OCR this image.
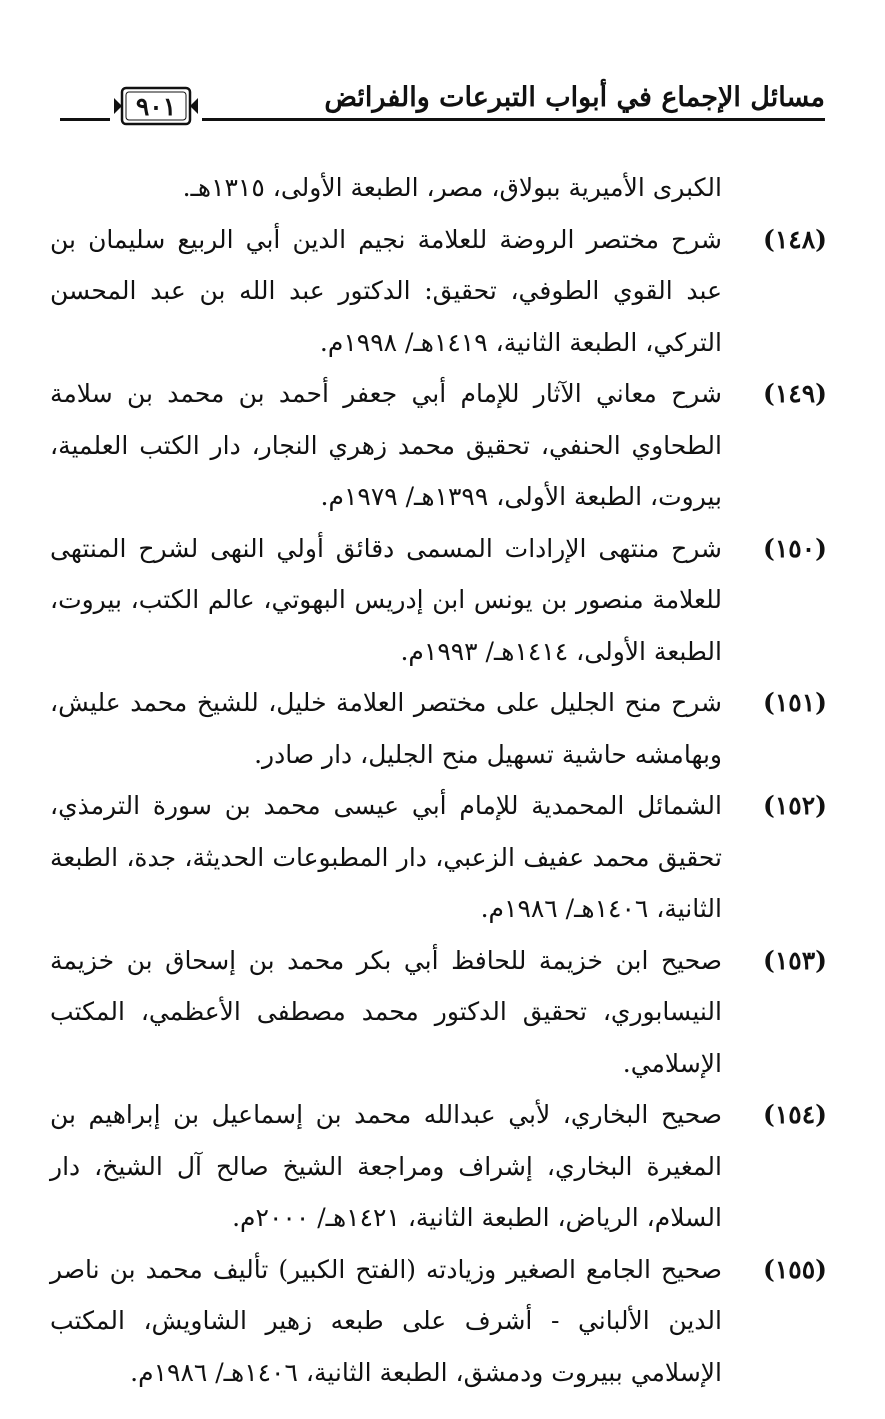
مسائل الإجماع في أبواب التبرعات والفرائض
٩٠١

الكبرى الأميرية ببولاق، مصر، الطبعة الأولى، ١٣١٥هـ.

(١٤٨)
شرح مختصر الروضة للعلامة نجيم الدين أبي الربيع سليمان بن عبد القوي الطوفي، تحقيق: الدكتور عبد الله بن عبد المحسن التركي، الطبعة الثانية، ١٤١٩هـ/ ١٩٩٨م.
(١٤٩)
شرح معاني الآثار للإمام أبي جعفر أحمد بن محمد بن سلامة الطحاوي الحنفي، تحقيق محمد زهري النجار، دار الكتب العلمية، بيروت، الطبعة الأولى، ١٣٩٩هـ/ ١٩٧٩م.
(١٥٠)
شرح منتهى الإرادات المسمى دقائق أولي النهى لشرح المنتهى للعلامة منصور بن يونس ابن إدريس البهوتي، عالم الكتب، بيروت، الطبعة الأولى، ١٤١٤هـ/ ١٩٩٣م.
(١٥١)
شرح منح الجليل على مختصر العلامة خليل، للشيخ محمد عليش، وبهامشه حاشية تسهيل منح الجليل، دار صادر.
(١٥٢)
الشمائل المحمدية للإمام أبي عيسى محمد بن سورة الترمذي، تحقيق محمد عفيف الزعبي، دار المطبوعات الحديثة، جدة، الطبعة الثانية، ١٤٠٦هـ/ ١٩٨٦م.
(١٥٣)
صحيح ابن خزيمة للحافظ أبي بكر محمد بن إسحاق بن خزيمة النيسابوري، تحقيق الدكتور محمد مصطفى الأعظمي، المكتب الإسلامي.
(١٥٤)
صحيح البخاري، لأبي عبدالله محمد بن إسماعيل بن إبراهيم بن المغيرة البخاري، إشراف ومراجعة الشيخ صالح آل الشيخ، دار السلام، الرياض، الطبعة الثانية، ١٤٢١هـ/ ٢٠٠٠م.
(١٥٥)
صحيح الجامع الصغير وزيادته (الفتح الكبير) تأليف محمد بن ناصر الدين الألباني - أشرف على طبعه زهير الشاويش، المكتب الإسلامي ببيروت ودمشق، الطبعة الثانية، ١٤٠٦هـ/ ١٩٨٦م.
